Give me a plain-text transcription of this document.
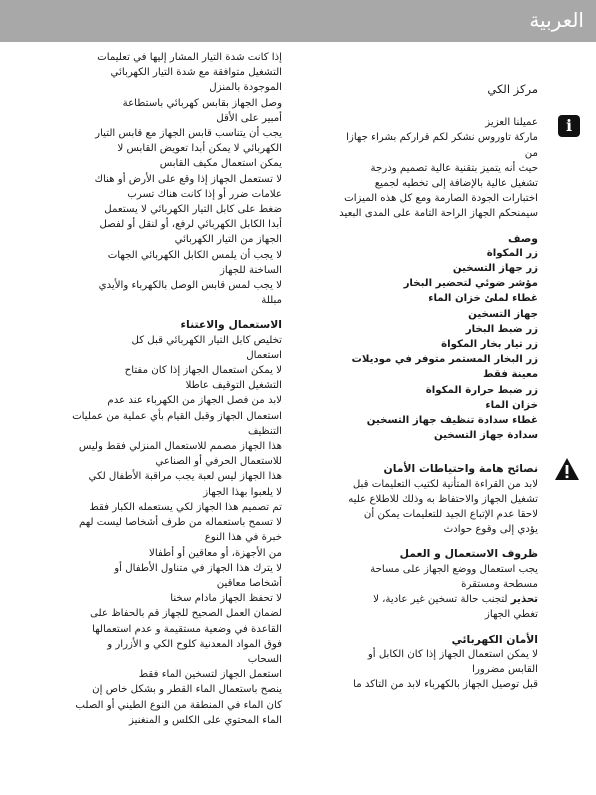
العربية

مركز الكي

i

عميلنا العزيز

ماركة تاوروس نشكر لكم قراركم بشراء جهازا

من

حيث أنه يتميز بتقنية عالية تصميم ودرجة

تشغيل عالية بالإضافة إلى تخطيه لجميع

اختبارات الجودة الصارمة ومع كل هذه الميزات

سيمنحكم الجهاز الراحة التامة على المدى البعيد

وصف

زر المكواة

زر جهاز التسخين

مؤشر ضوئي لتحضير البخار

غطاء لملئ خزان الماء

جهاز التسخين

زر ضبط البخار

زر تيار بخار المكواة

زر البخار المستمر متوفر في موديلات

معينة فقط

زر ضبط حرارة المكواة

خزان الماء

غطاء سدادة تنظيف جهاز التسخين

سدادة جهاز التسخين

نصائح هامة واحتياطات الأمان

لابد من القراءة المتأنية لكتيب التعليمات قبل

تشغيل الجهاز والاحتفاظ به وذلك للاطلاع عليه

لاحقا عدم الإتباع الجيد للتعليمات يمكن أن

يؤدي إلى وقوع حوادث

ظروف الاستعمال و العمل

يجب استعمال ووضع الجهاز على مساحة

مسطحة ومستقرة

تحذير لتجنب حالة تسخين غير عادية، لا

تغطي الجهاز

الأمان الكهربائي

لا يمكن استعمال الجهاز إذا كان الكابل أو

القابس مضرورا

قبل توصيل الجهاز بالكهرباء لابد من التاكد ما

إذا كانت شدة التيار المشار إليها في تعليمات

التشغيل متوافقة مع شدة التيار الكهربائي

الموجودة بالمنزل

وصل الجهاز بقابس كهربائي باستطاعة

أمبير على الأقل

يجب أن يتناسب قابس الجهاز مع قابس التيار

الكهربائي لا يمكن أبدا تعويض القابس لا

يمكن استعمال مكيف القابس

لا تستعمل الجهاز إذا وقع على الأرض أو هناك

علامات ضرر أو إذا كانت هناك تسرب

ضغط على كابل التيار الكهربائي لا يستعمل

أبدا الكابل الكهربائي لرفع، أو لنقل أو لفصل

الجهاز من التيار الكهربائي

لا يجب أن يلمس الكابل الكهربائي الجهات

الساخنة للجهاز

لا يجب لمس قابس الوصل بالكهرباء والأيدي

مبللة

الاستعمال والاعتناء

تخليص كابل التيار الكهربائي قبل كل

استعمال

لا يمكن استعمال الجهاز إذا كان مفتاح

التشغيل التوقيف عاطلا

لابد من فصل الجهاز من الكهرباء عند عدم

استعمال الجهاز وقبل القيام بأي عملية من عمليات

التنظيف

هذا الجهاز مصمم للاستعمال المنزلي فقط وليس

للاستعمال الحرفي أو الصناعي

هذا الجهاز ليس لعبة يجب مراقبة الأطفال لكي

لا يلعبوا بهذا الجهاز

تم تصميم هذا الجهاز لكي يستعمله الكبار فقط

لا تسمح باستعماله من طرف أشخاصا ليست لهم

خبرة في هذا النوع

من الأجهزة، أو معاقين أو أطفالا

لا يترك هذا الجهاز في متناول الأطفال أو

أشخاصا معاقين

لا تحفظ الجهاز مادام سخنا

لضمان العمل الصحيح للجهاز قم بالحفاظ على

القاعدة في وضعية مستقيمة و عدم استعمالها

فوق المواد المعدنية كلوح الكي و الأزرار و

السحاب

استعمل الجهاز لتسخين الماء فقط

ينصح باستعمال الماء القطر و بشكل خاص إن

كان الماء في المنطقة من النوع الطيني أو الصلب

الماء المحتوي على الكلس و المنغنيز
